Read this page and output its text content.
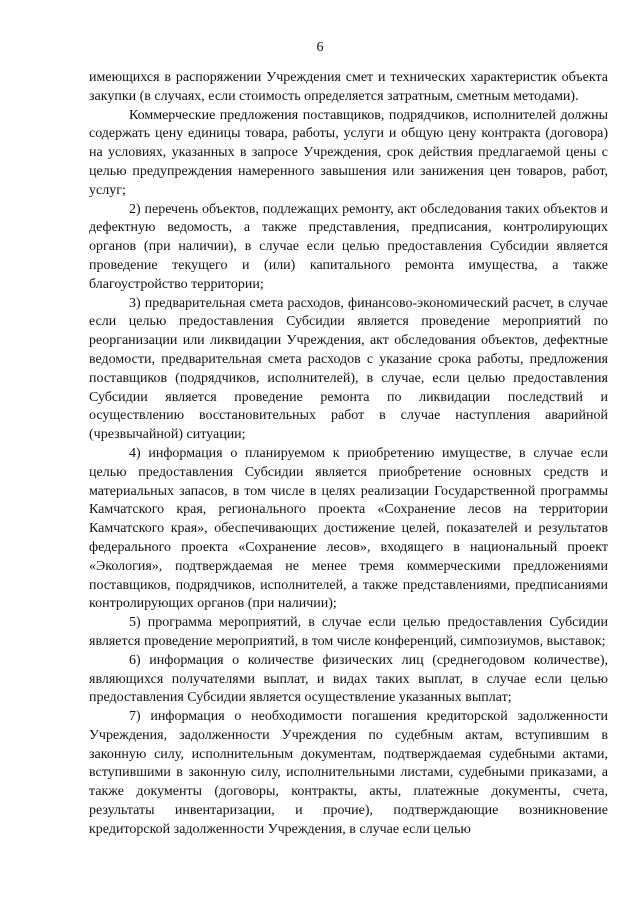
6

имеющихся в распоряжении Учреждения смет и технических характеристик объекта закупки (в случаях, если стоимость определяется затратным, сметным методами).

Коммерческие предложения поставщиков, подрядчиков, исполнителей должны содержать цену единицы товара, работы, услуги и общую цену контракта (договора) на условиях, указанных в запросе Учреждения, срок действия предлагаемой цены с целью предупреждения намеренного завышения или занижения цен товаров, работ, услуг;

2) перечень объектов, подлежащих ремонту, акт обследования таких объектов и дефектную ведомость, а также представления, предписания, контролирующих органов (при наличии), в случае если целью предоставления Субсидии является проведение текущего и (или) капитального ремонта имущества, а также благоустройство территории;

3) предварительная смета расходов, финансово-экономический расчет, в случае если целью предоставления Субсидии является проведение мероприятий по реорганизации или ликвидации Учреждения, акт обследования объектов, дефектные ведомости, предварительная смета расходов с указание срока работы, предложения поставщиков (подрядчиков, исполнителей), в случае, если целью предоставления Субсидии является проведение ремонта по ликвидации последствий и осуществлению восстановительных работ в случае наступления аварийной (чрезвычайной) ситуации;

4) информация о планируемом к приобретению имуществе, в случае если целью предоставления Субсидии является приобретение основных средств и материальных запасов, в том числе в целях реализации Государственной программы Камчатского края, регионального проекта «Сохранение лесов на территории Камчатского края», обеспечивающих достижение целей, показателей и результатов федерального проекта «Сохранение лесов», входящего в национальный проект «Экология», подтверждаемая не менее тремя коммерческими предложениями поставщиков, подрядчиков, исполнителей, а также представлениями, предписаниями контролирующих органов (при наличии);

5) программа мероприятий, в случае если целью предоставления Субсидии является проведение мероприятий, в том числе конференций, симпозиумов, выставок;

6) информация о количестве физических лиц (среднегодовом количестве), являющихся получателями выплат, и видах таких выплат, в случае если целью предоставления Субсидии является осуществление указанных выплат;

7) информация о необходимости погашения кредиторской задолженности Учреждения, задолженности Учреждения по судебным актам, вступившим в законную силу, исполнительным документам, подтверждаемая судебными актами, вступившими в законную силу, исполнительными листами, судебными приказами, а также документы (договоры, контракты, акты, платежные документы, счета, результаты инвентаризации, и прочие), подтверждающие возникновение кредиторской задолженности Учреждения, в случае если целью
